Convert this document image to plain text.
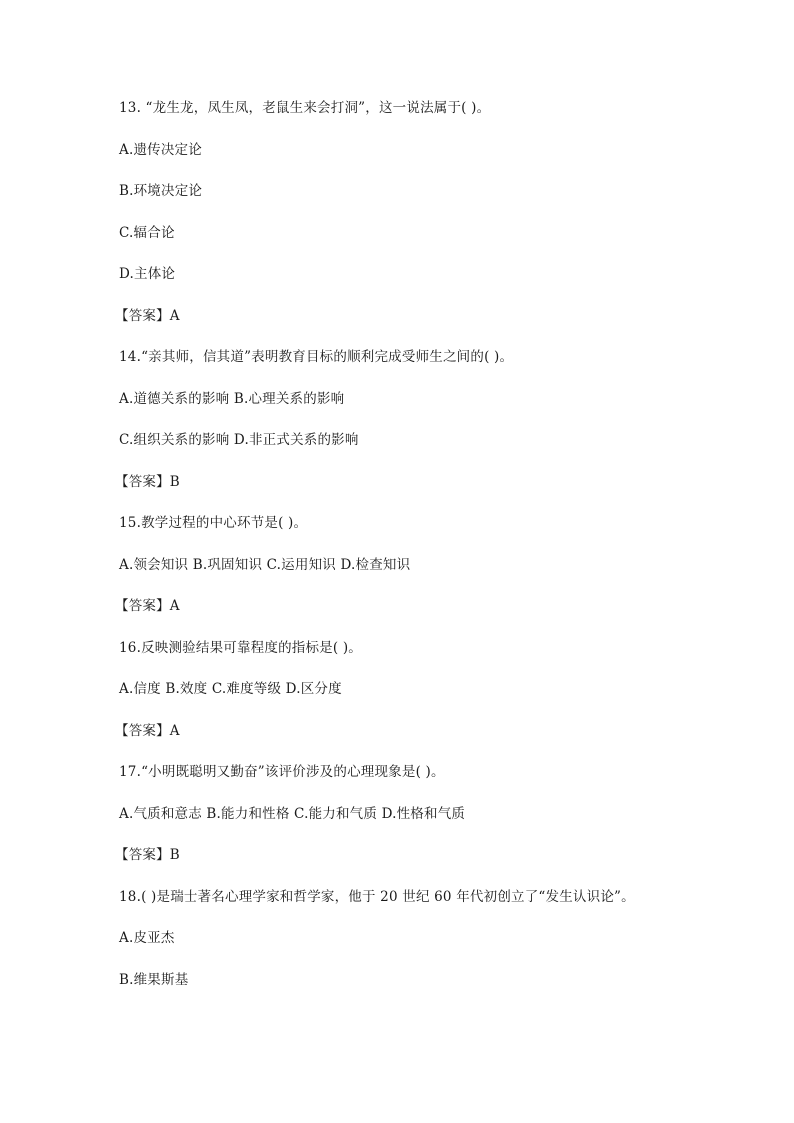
13. “龙生龙，凤生凤，老鼠生来会打洞”，这一说法属于( )。
A.遗传决定论
B.环境决定论
C.辐合论
D.主体论
【答案】A
14.“亲其师，信其道”表明教育目标的顺利完成受师生之间的( )。
A.道德关系的影响 B.心理关系的影响
C.组织关系的影响 D.非正式关系的影响
【答案】B
15.教学过程的中心环节是( )。
A.领会知识 B.巩固知识 C.运用知识 D.检查知识
【答案】A
16.反映测验结果可靠程度的指标是( )。
A.信度 B.效度 C.难度等级 D.区分度
【答案】A
17.“小明既聪明又勤奋”该评价涉及的心理现象是( )。
A.气质和意志 B.能力和性格 C.能力和气质 D.性格和气质
【答案】B
18.( )是瑞士著名心理学家和哲学家，他于 20 世纪 60 年代初创立了“发生认识论”。
A.皮亚杰
B.维果斯基
